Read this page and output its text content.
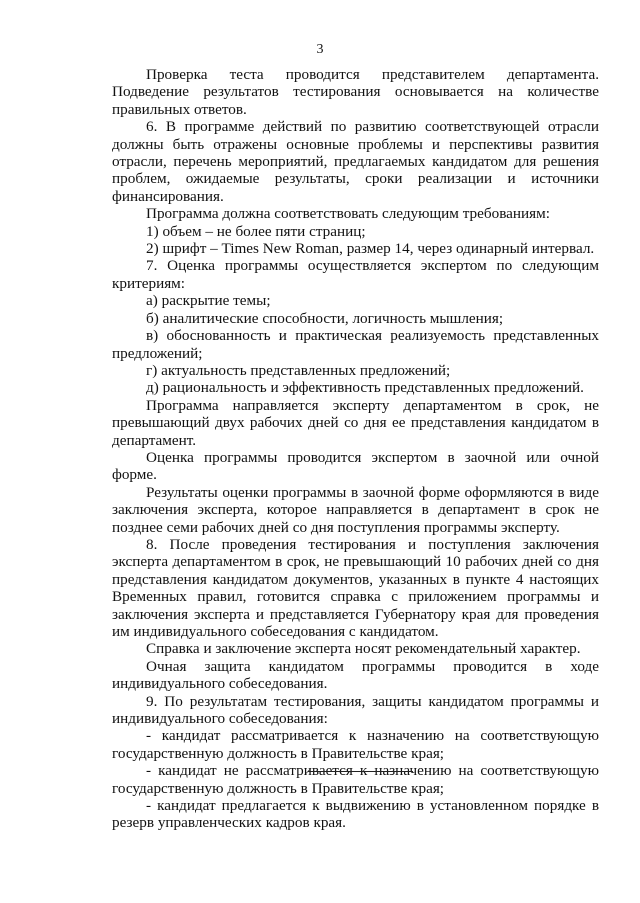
3

Проверка теста проводится представителем департамента. Подведение результатов тестирования основывается на количестве правильных ответов.

6. В программе действий по развитию соответствующей отрасли должны быть отражены основные проблемы и перспективы развития отрасли, перечень мероприятий, предлагаемых кандидатом для решения проблем, ожидаемые результаты, сроки реализации и источники финансирования.

Программа должна соответствовать следующим требованиям:

1) объем – не более пяти страниц;

2) шрифт – Times New Roman, размер 14, через одинарный интервал.

7. Оценка программы осуществляется экспертом по следующим критериям:

а) раскрытие темы;

б) аналитические способности, логичность мышления;

в) обоснованность и практическая реализуемость представленных предложений;

г) актуальность представленных предложений;

д) рациональность и эффективность представленных предложений.

Программа направляется эксперту департаментом в срок, не превышающий двух рабочих дней со дня ее представления кандидатом в департамент.

Оценка программы проводится экспертом в заочной или очной форме.

Результаты оценки программы в заочной форме оформляются в виде заключения эксперта, которое направляется в департамент в срок не позднее семи рабочих дней со дня поступления программы эксперту.

8. После проведения тестирования и поступления заключения эксперта департаментом в срок, не превышающий 10 рабочих дней со дня представления кандидатом документов, указанных в пункте 4 настоящих Временных правил, готовится справка с приложением программы и заключения эксперта и представляется Губернатору края для проведения им индивидуального собеседования с кандидатом.

Справка и заключение эксперта носят рекомендательный характер.

Очная защита кандидатом программы проводится в ходе индивидуального собеседования.

9. По результатам тестирования, защиты кандидатом программы и индивидуального собеседования:

- кандидат рассматривается к назначению на соответствующую государственную должность в Правительстве края;

- кандидат не рассматривается к назначению на соответствующую государственную должность в Правительстве края;

- кандидат предлагается к выдвижению в установленном порядке в резерв управленческих кадров края.
